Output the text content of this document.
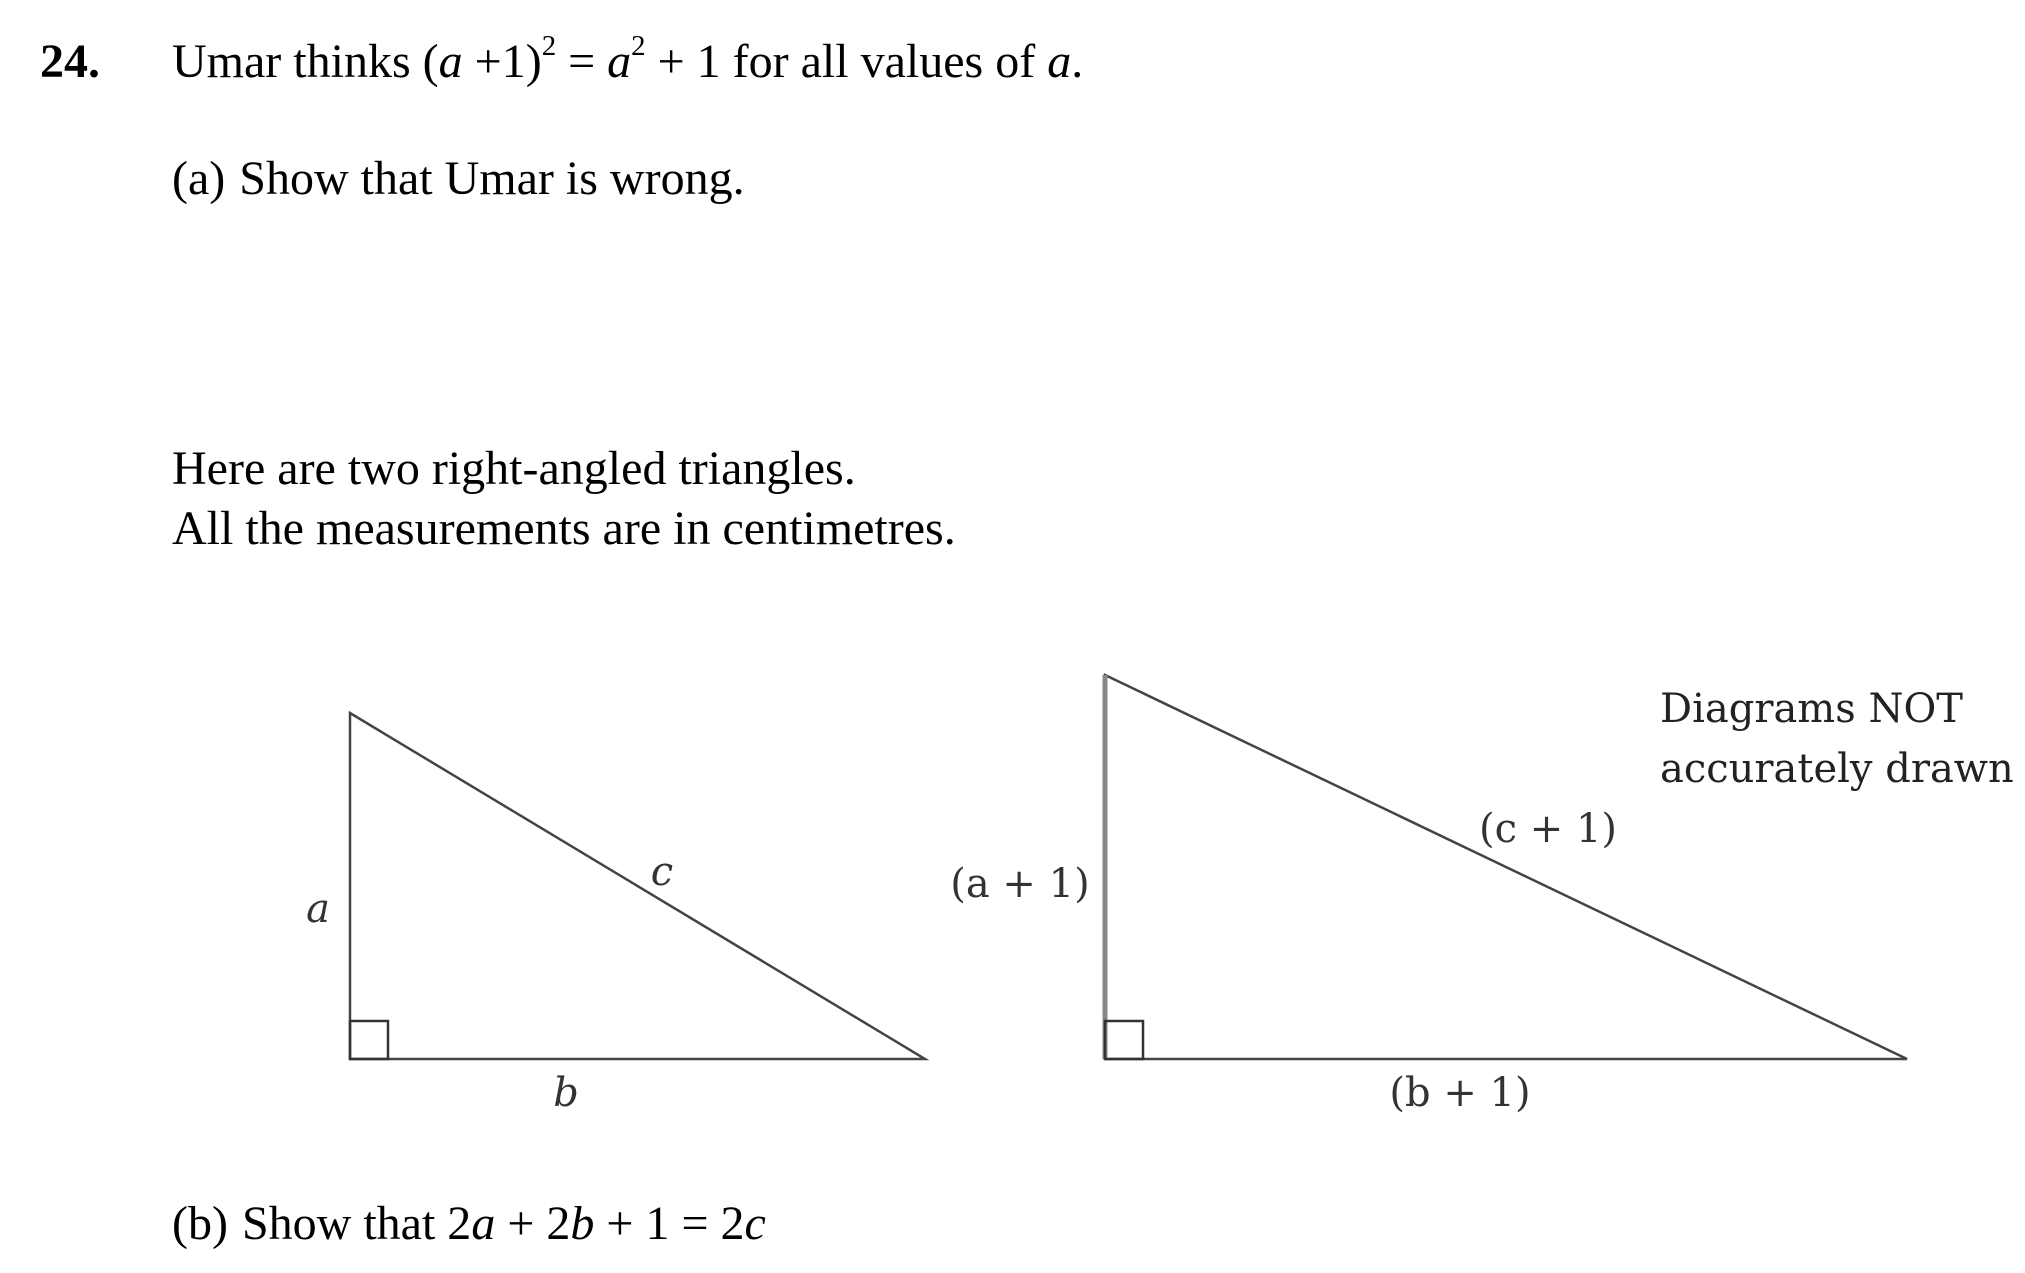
24. Umar thinks $(a +1)^2 = a^2 + 1$ for all values of a.
(a) Show that Umar is wrong.
Here are two right-angled triangles.
All the measurements are in centimetres.
a
b
c	(a + 1)
(b + 1)
(c + 1)
Diagrams NOT
accurately drawn
(b) Show that 2a + 2b + 1 = 2c
